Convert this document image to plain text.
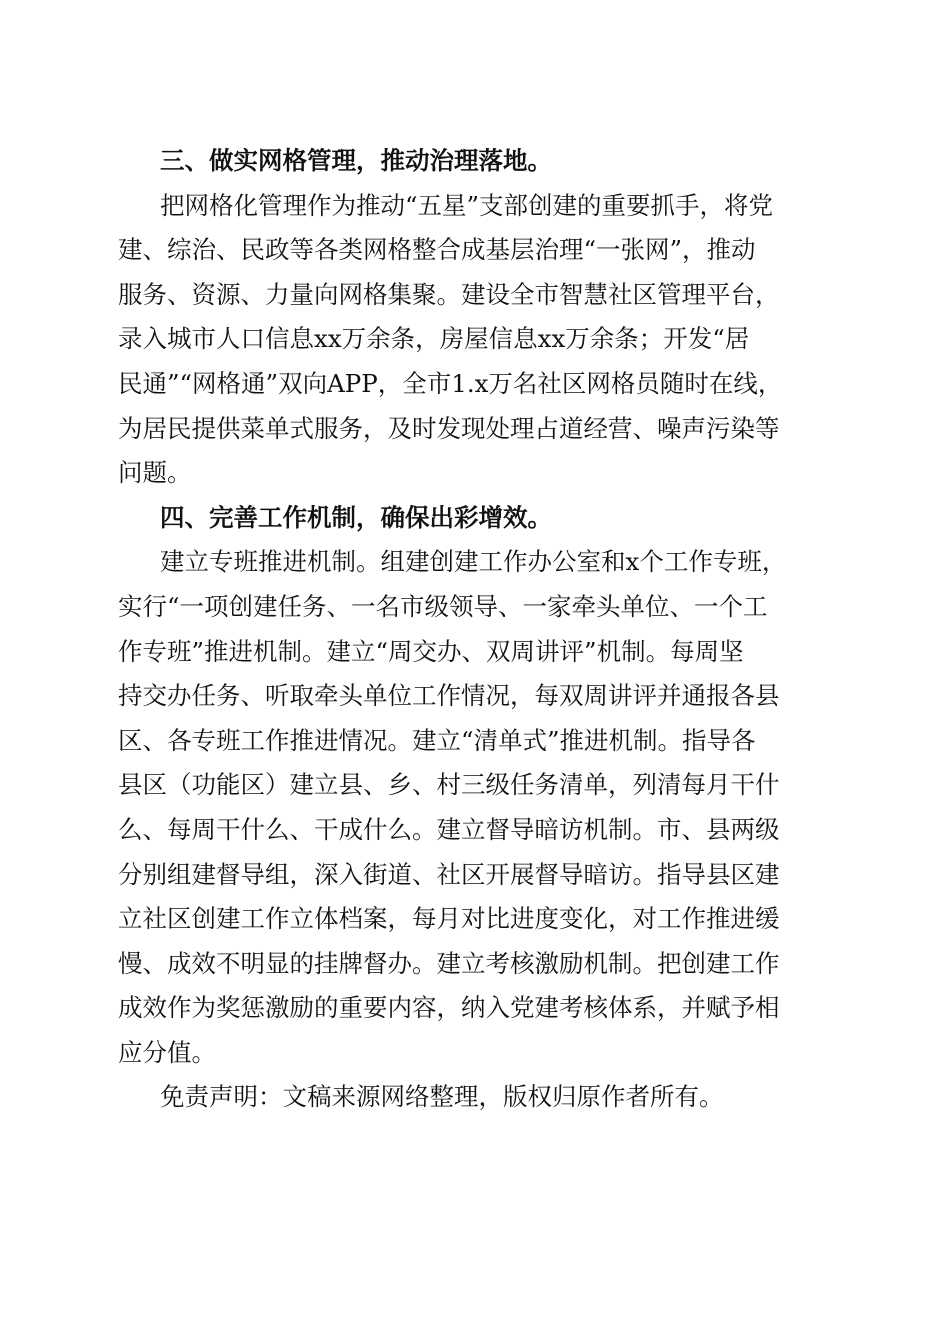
三、做实网格管理，推动治理落地。

把网格化管理作为推动“五星”支部创建的重要抓手，将党
建、综治、民政等各类网格整合成基层治理“一张网”，推动
服务、资源、力量向网格集聚。建设全市智慧社区管理平台，
录入城市人口信息xx万余条，房屋信息xx万余条；开发“居
民通”“网格通”双向APP，全市1.x万名社区网格员随时在线，
为居民提供菜单式服务，及时发现处理占道经营、噪声污染等
问题。

四、完善工作机制，确保出彩增效。

建立专班推进机制。组建创建工作办公室和x个工作专班，
实行“一项创建任务、一名市级领导、一家牵头单位、一个工
作专班”推进机制。建立“周交办、双周讲评”机制。每周坚
持交办任务、听取牵头单位工作情况，每双周讲评并通报各县
区、各专班工作推进情况。建立“清单式”推进机制。指导各
县区（功能区）建立县、乡、村三级任务清单，列清每月干什
么、每周干什么、干成什么。建立督导暗访机制。市、县两级
分别组建督导组，深入街道、社区开展督导暗访。指导县区建
立社区创建工作立体档案，每月对比进度变化，对工作推进缓
慢、成效不明显的挂牌督办。建立考核激励机制。把创建工作
成效作为奖惩激励的重要内容，纳入党建考核体系，并赋予相
应分值。

免责声明：文稿来源网络整理，版权归原作者所有。
